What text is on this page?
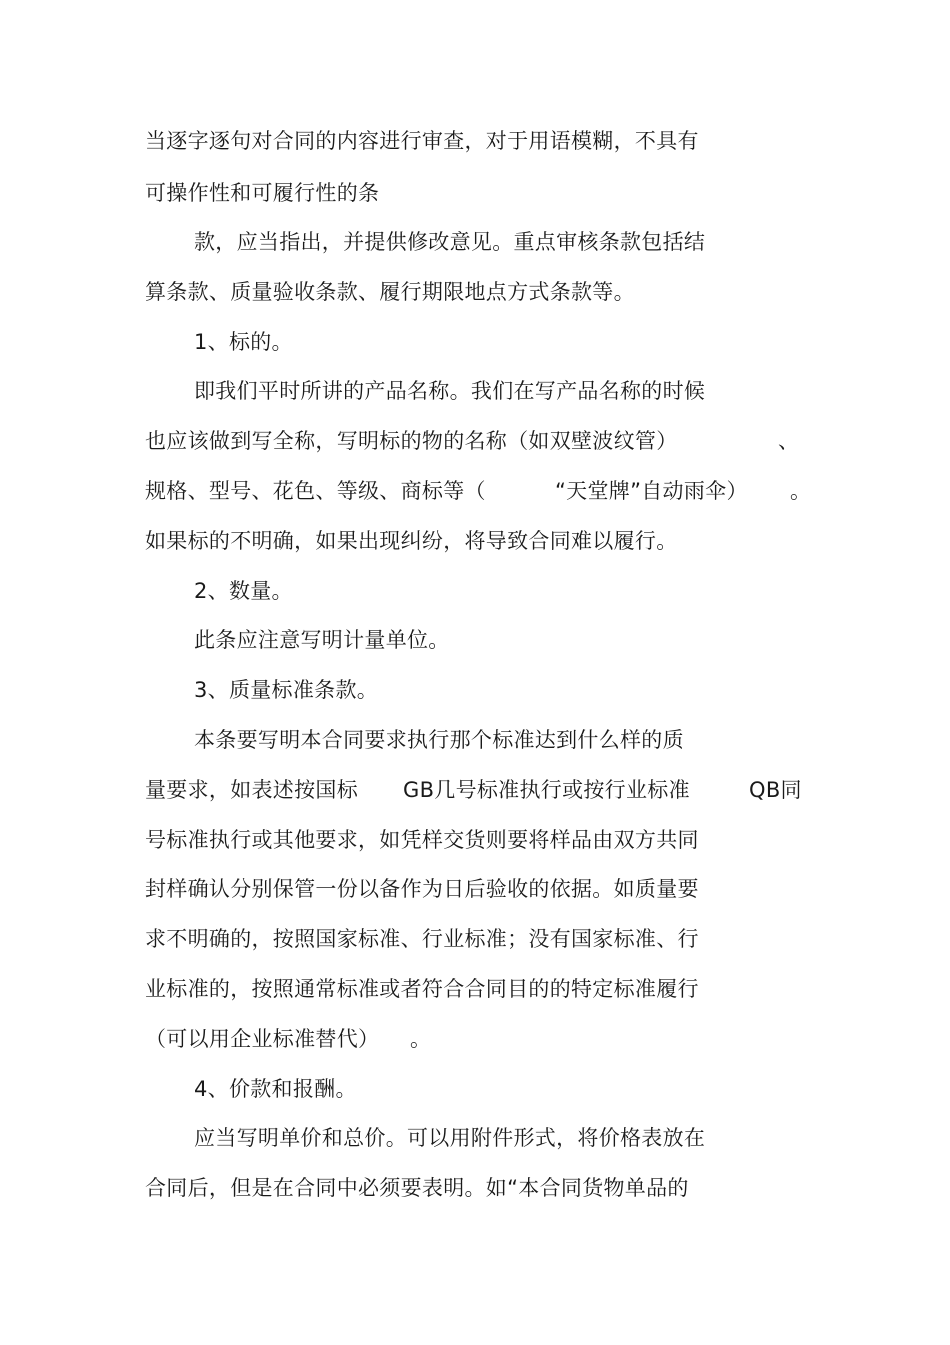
当逐字逐句对合同的内容进行审查，对于用语模糊，不具有
可操作性和可履行性的条
款，应当指出，并提供修改意见。重点审核条款包括结
算条款、质量验收条款、履行期限地点方式条款等。
1、标的。
即我们平时所讲的产品名称。我们在写产品名称的时候
也应该做到写全称，写明标的物的名称（如双壁波纹管）	、
规格、型号、花色、等级、商标等（	“天堂牌”自动雨伞） 。
如果标的不明确，如果出现纠纷，将导致合同难以履行。
2、数量。
此条应注意写明计量单位。
3、质量标准条款。
本条要写明本合同要求执行那个标准达到什么样的质
量要求，如表述按国标 GB几号标准执行或按行业标准	QB同
号标准执行或其他要求，如凭样交货则要将样品由双方共同
封样确认分别保管一份以备作为日后验收的依据。如质量要
求不明确的，按照国家标准、行业标准；没有国家标准、行
业标准的，按照通常标准或者符合合同目的的特定标准履行
（可以用企业标准替代） 。
4、价款和报酬。
应当写明单价和总价。可以用附件形式，将价格表放在
合同后，但是在合同中必须要表明。如“本合同货物单品的
